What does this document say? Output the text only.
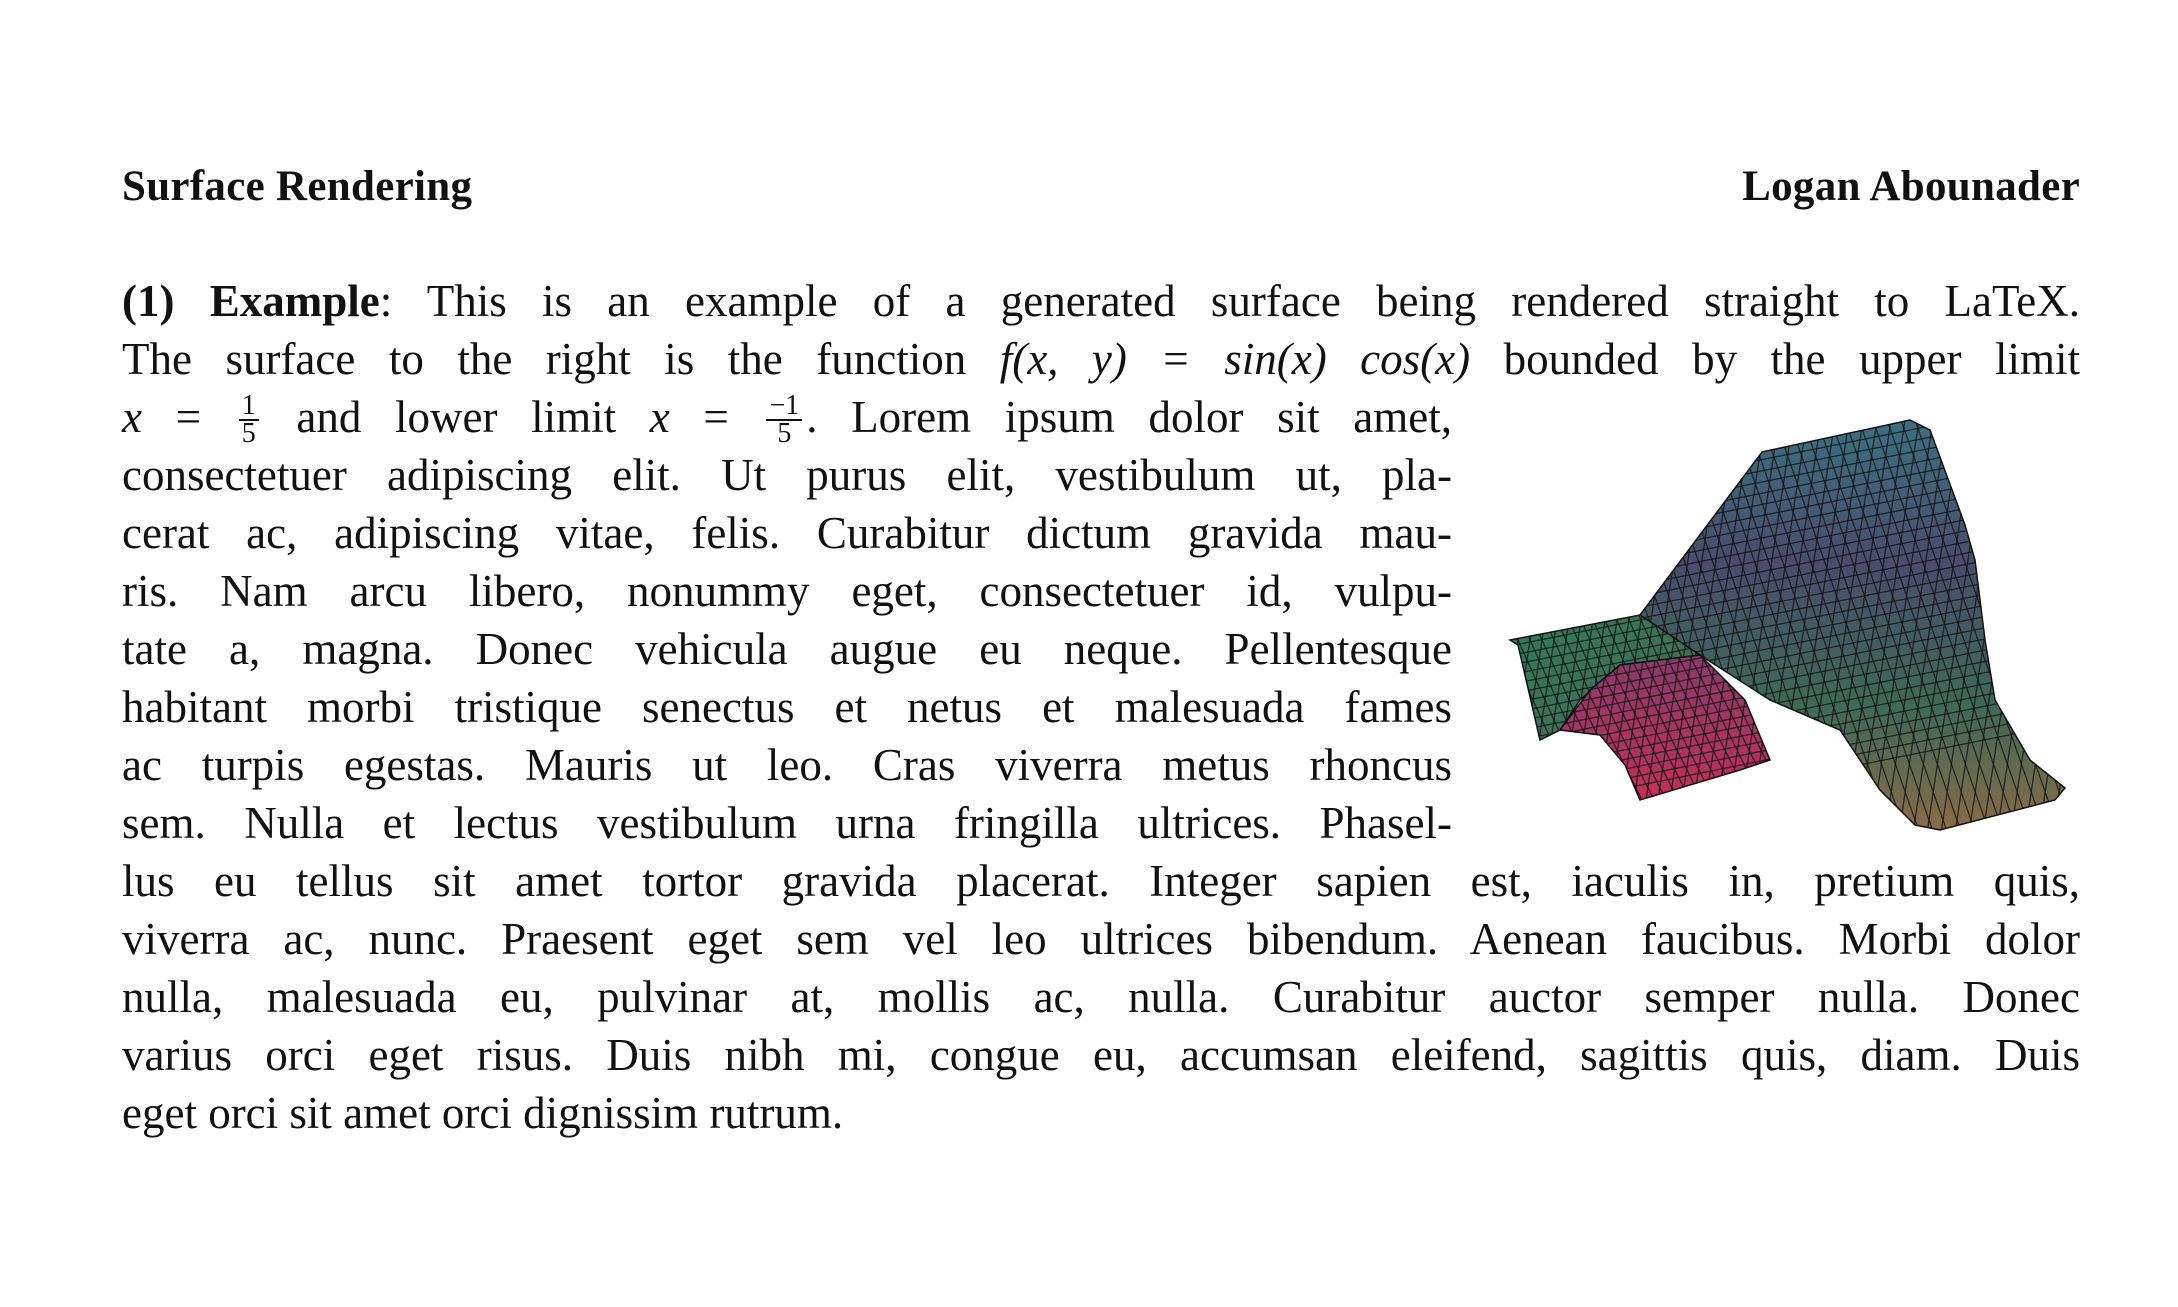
Surface Rendering	Logan Abounader
(1) Example: This is an example of a generated surface being rendered straight to LaTeX.
The surface to the right is the function f(x, y) = sin(x) cos(x) bounded by the upper limit
$x = \frac{1}{5}$ and lower limit $x = \frac{-1}{5}$ . Lorem ipsum dolor sit amet,
consectetuer adipiscing elit. Ut purus elit, vestibulum ut, pla-
cerat ac, adipiscing vitae, felis. Curabitur dictum gravida mau-
ris. Nam arcu libero, nonummy eget, consectetuer id, vulpu-
tate a, magna. Donec vehicula augue eu neque. Pellentesque
habitant morbi tristique senectus et netus et malesuada fames
ac turpis egestas. Mauris ut leo. Cras viverra metus rhoncus
sem. Nulla et lectus vestibulum urna fringilla ultrices. Phasel-
lus eu tellus sit amet tortor gravida placerat. Integer sapien est, iaculis in, pretium quis,
viverra ac, nunc. Praesent eget sem vel leo ultrices bibendum. Aenean faucibus. Morbi dolor
nulla, malesuada eu, pulvinar at, mollis ac, nulla. Curabitur auctor semper nulla. Donec
varius orci eget risus. Duis nibh mi, congue eu, accumsan eleifend, sagittis quis, diam. Duis
eget orci sit amet orci dignissim rutrum.
